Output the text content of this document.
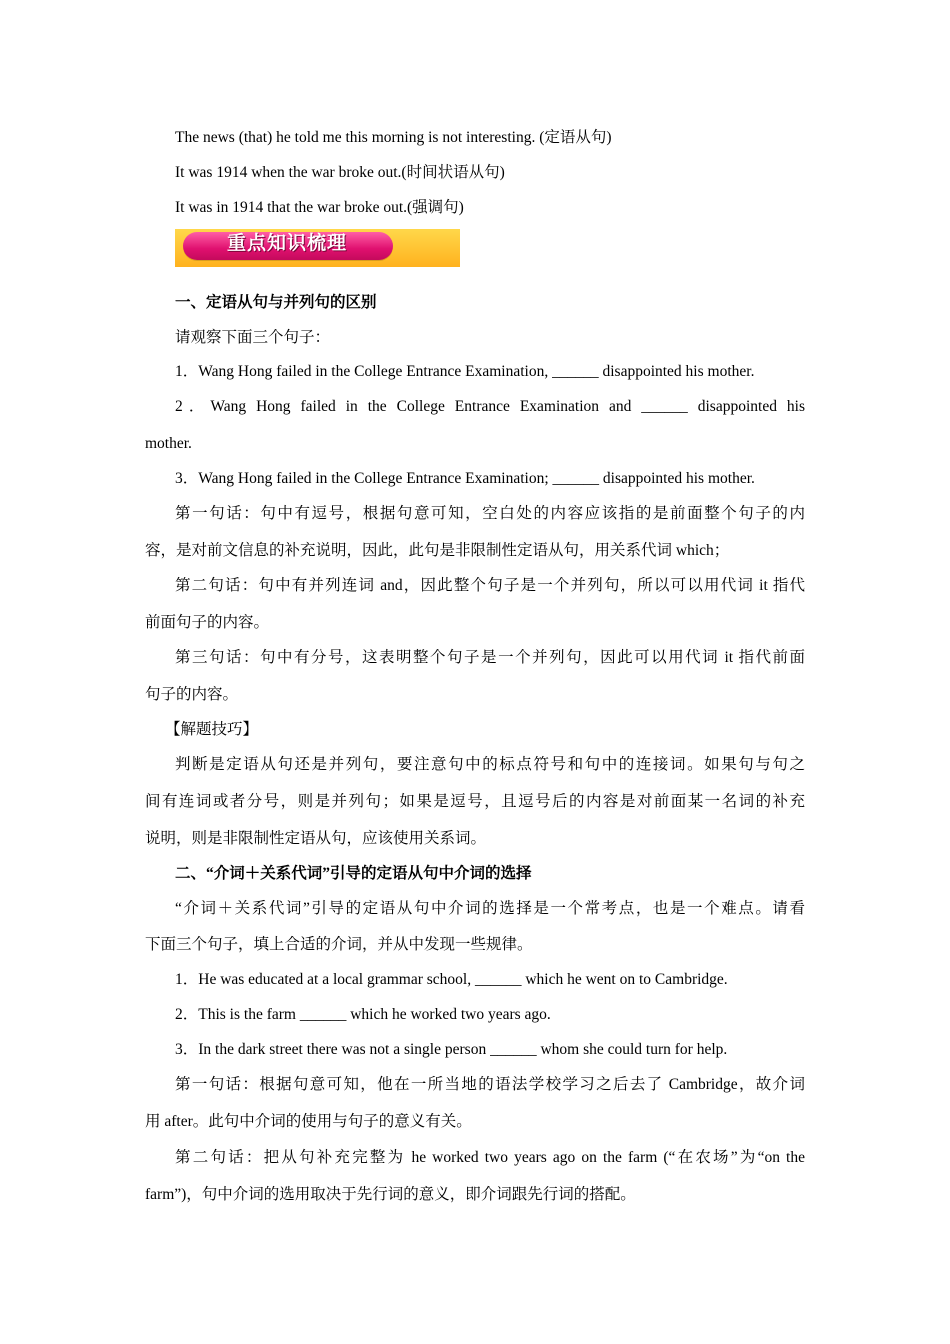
The news (that) he told me this morning is not interesting. (定语从句)
It was 1914 when the war broke out.(时间状语从句)
It was in 1914 that the war broke out.(强调句)
重点知识梳理
一、定语从句与并列句的区别
请观察下面三个句子：
1．Wang Hong failed in the College Entrance Examination, ______ disappointed his mother.
2．Wang Hong failed in the College Entrance Examination and ______ disappointed his
mother.
3．Wang Hong failed in the College Entrance Examination; ______ disappointed his mother.
第一句话：句中有逗号，根据句意可知，空白处的内容应该指的是前面整个句子的内
容，是对前文信息的补充说明，因此，此句是非限制性定语从句，用关系代词 which；
第二句话：句中有并列连词 and，因此整个句子是一个并列句，所以可以用代词 it 指代
前面句子的内容。
第三句话：句中有分号，这表明整个句子是一个并列句，因此可以用代词 it 指代前面
句子的内容。
【解题技巧】
判断是定语从句还是并列句，要注意句中的标点符号和句中的连接词。如果句与句之
间有连词或者分号，则是并列句；如果是逗号，且逗号后的内容是对前面某一名词的补充
说明，则是非限制性定语从句，应该使用关系词。
二、“介词＋关系代词”引导的定语从句中介词的选择
“介词＋关系代词”引导的定语从句中介词的选择是一个常考点，也是一个难点。请看
下面三个句子，填上合适的介词，并从中发现一些规律。
1．He was educated at a local grammar school, ______ which he went on to Cambridge.
2．This is the farm ______ which he worked two years ago.
3．In the dark street there was not a single person ______ whom she could turn for help.
第一句话：根据句意可知，他在一所当地的语法学校学习之后去了 Cambridge，故介词
用 after。此句中介词的使用与句子的意义有关。
第二句话：把从句补充完整为 he worked two years ago on the farm (“在农场”为“on the
farm”)，句中介词的选用取决于先行词的意义，即介词跟先行词的搭配。
